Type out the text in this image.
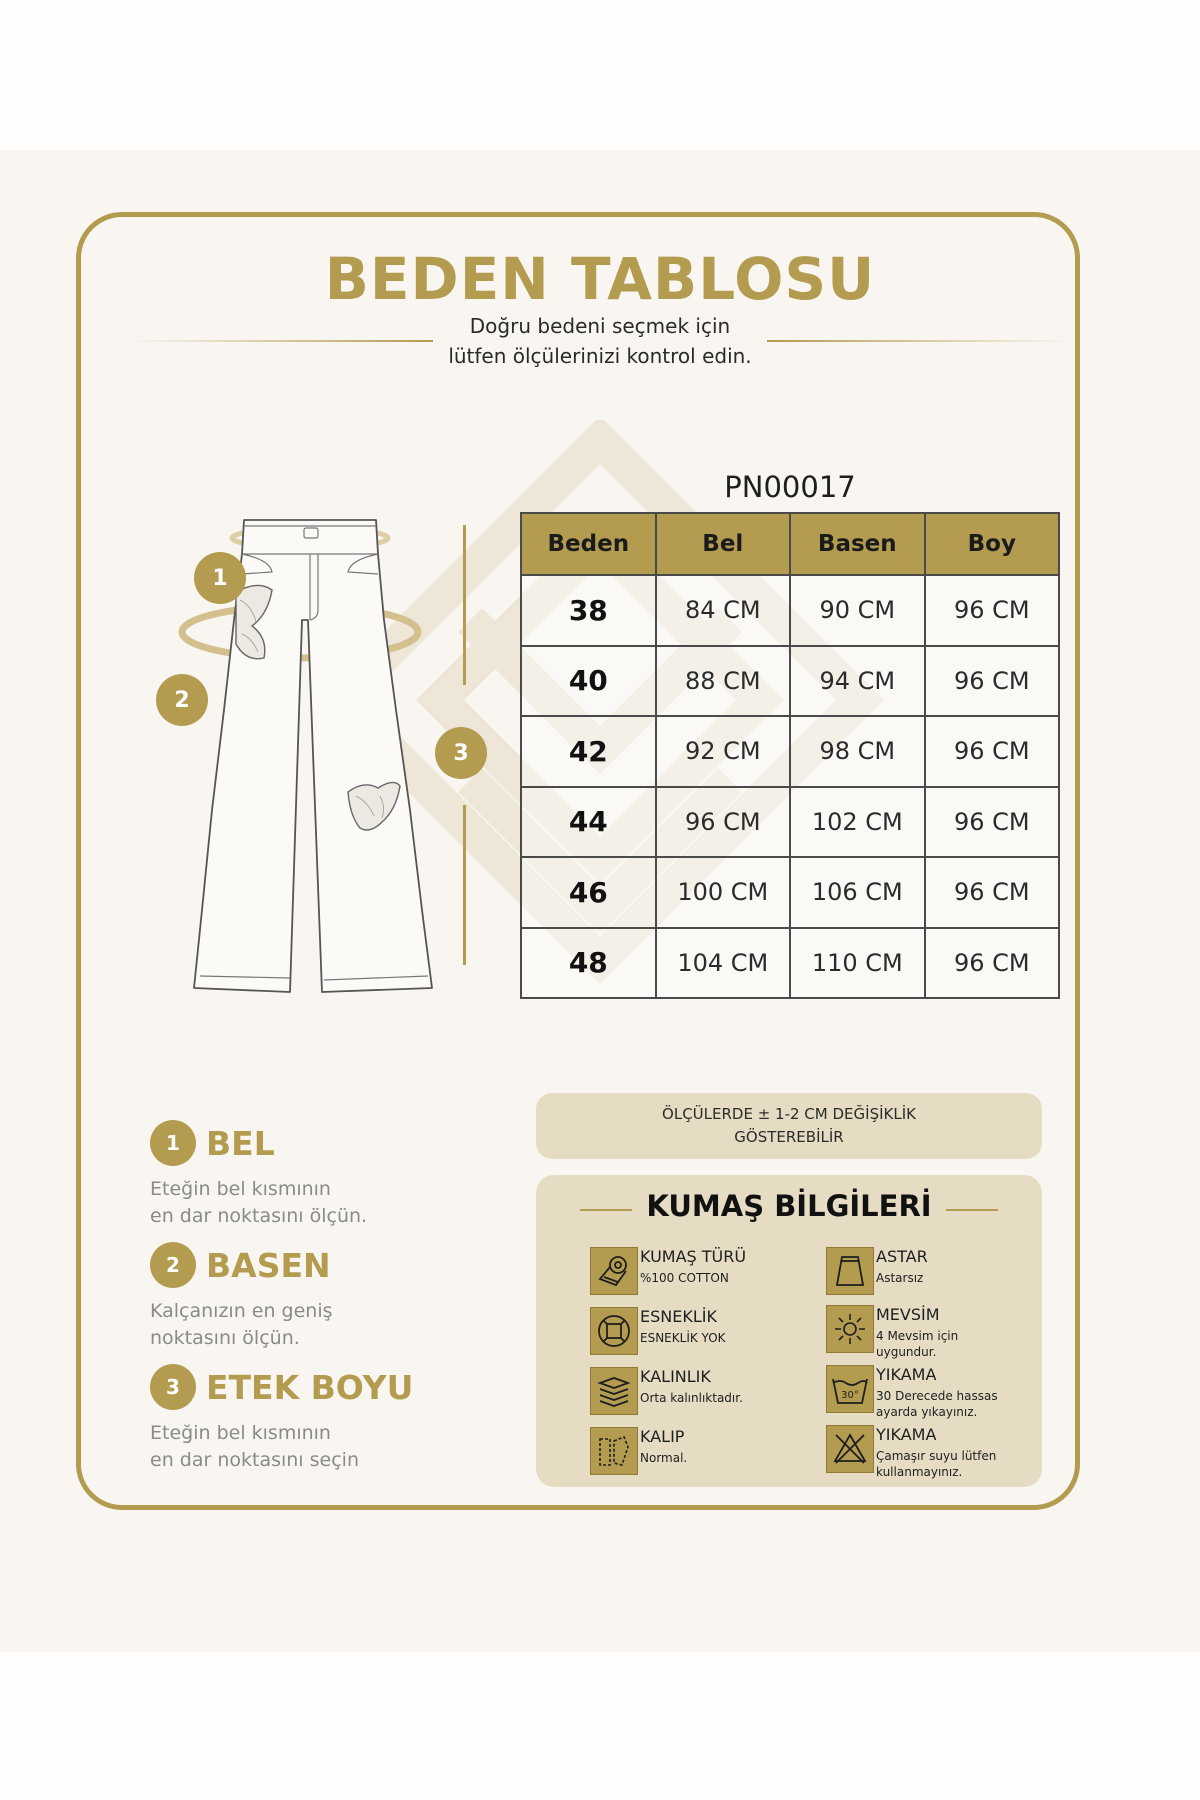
BEDEN TABLOSU
Doğru bedeni seçmek için
lütfen ölçülerinizi kontrol edin.
1
2
3
PN00017
Beden	Bel	Basen	Boy
38	84 CM	90 CM	96 CM
40	88 CM	94 CM	96 CM
42	92 CM	98 CM	96 CM
44	96 CM	102 CM	96 CM
46	100 CM	106 CM	96 CM
48	104 CM	110 CM	96 CM
1 BEL
Eteğin bel kısmının
en dar noktasını ölçün.
2 BASEN
Kalçanızın en geniş
noktasını ölçün.
3 ETEK BOYU
Eteğin bel kısmının
en dar noktasını seçin
ÖLÇÜLERDE ± 1-2 CM DEĞİŞİKLİK
GÖSTEREBİLİR
KUMAŞ BİLGİLERİ
KUMAŞ TÜRÜ
%100 COTTON
ESNEKLİK
ESNEKLİK YOK
KALINLIK
Orta kalınlıktadır.
KALIP
Normal.
ASTAR
Astarsız
MEVSİM
4 Mevsim için uygundur.
30°
YIKAMA
30 Derecede hassas ayarda yıkayınız.
YIKAMA
Çamaşır suyu lütfen kullanmayınız.
